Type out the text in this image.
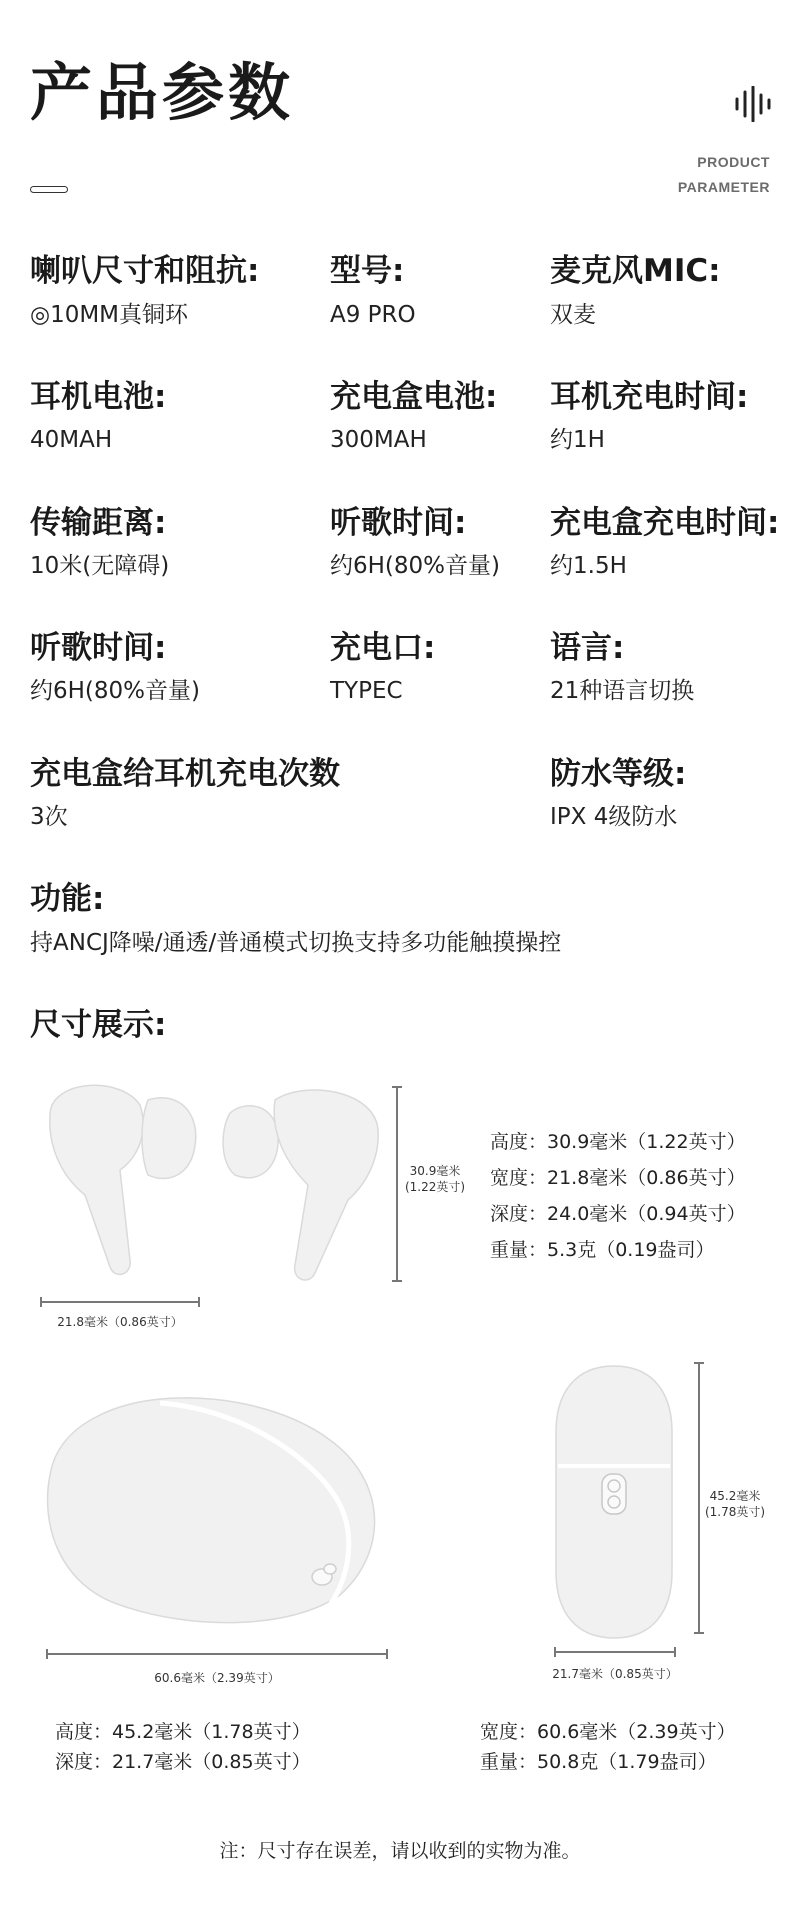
产品参数
PRODUCT
PARAMETER
喇叭尺寸和阻抗:
◎10MM真铜环
型号:
A9 PRO
麦克风MIC:
双麦
耳机电池:
40MAH
充电盒电池:
300MAH
耳机充电时间:
约1H
传输距离:
10米(无障碍)
听歌时间:
约6H(80%音量)
充电盒充电时间:
约1.5H
听歌时间:
约6H(80%音量)
充电口:
TYPEC
语言:
21种语言切换
充电盒给耳机充电次数
3次
防水等级:
IPX 4级防水
功能:
持ANCJ降噪/通透/普通模式切换支持多功能触摸操控
尺寸展示:
30.9毫米
(1.22英寸)
21.8毫米（0.86英寸）
高度：30.9毫米（1.22英寸）
宽度：21.8毫米（0.86英寸）
深度：24.0毫米（0.94英寸）
重量：5.3克（0.19盎司）
60.6毫米（2.39英寸）
45.2毫米
(1.78英寸)
21.7毫米（0.85英寸）
高度：45.2毫米（1.78英寸）
深度：21.7毫米（0.85英寸）
宽度：60.6毫米（2.39英寸）
重量：50.8克（1.79盎司）
注：尺寸存在误差，请以收到的实物为准。
